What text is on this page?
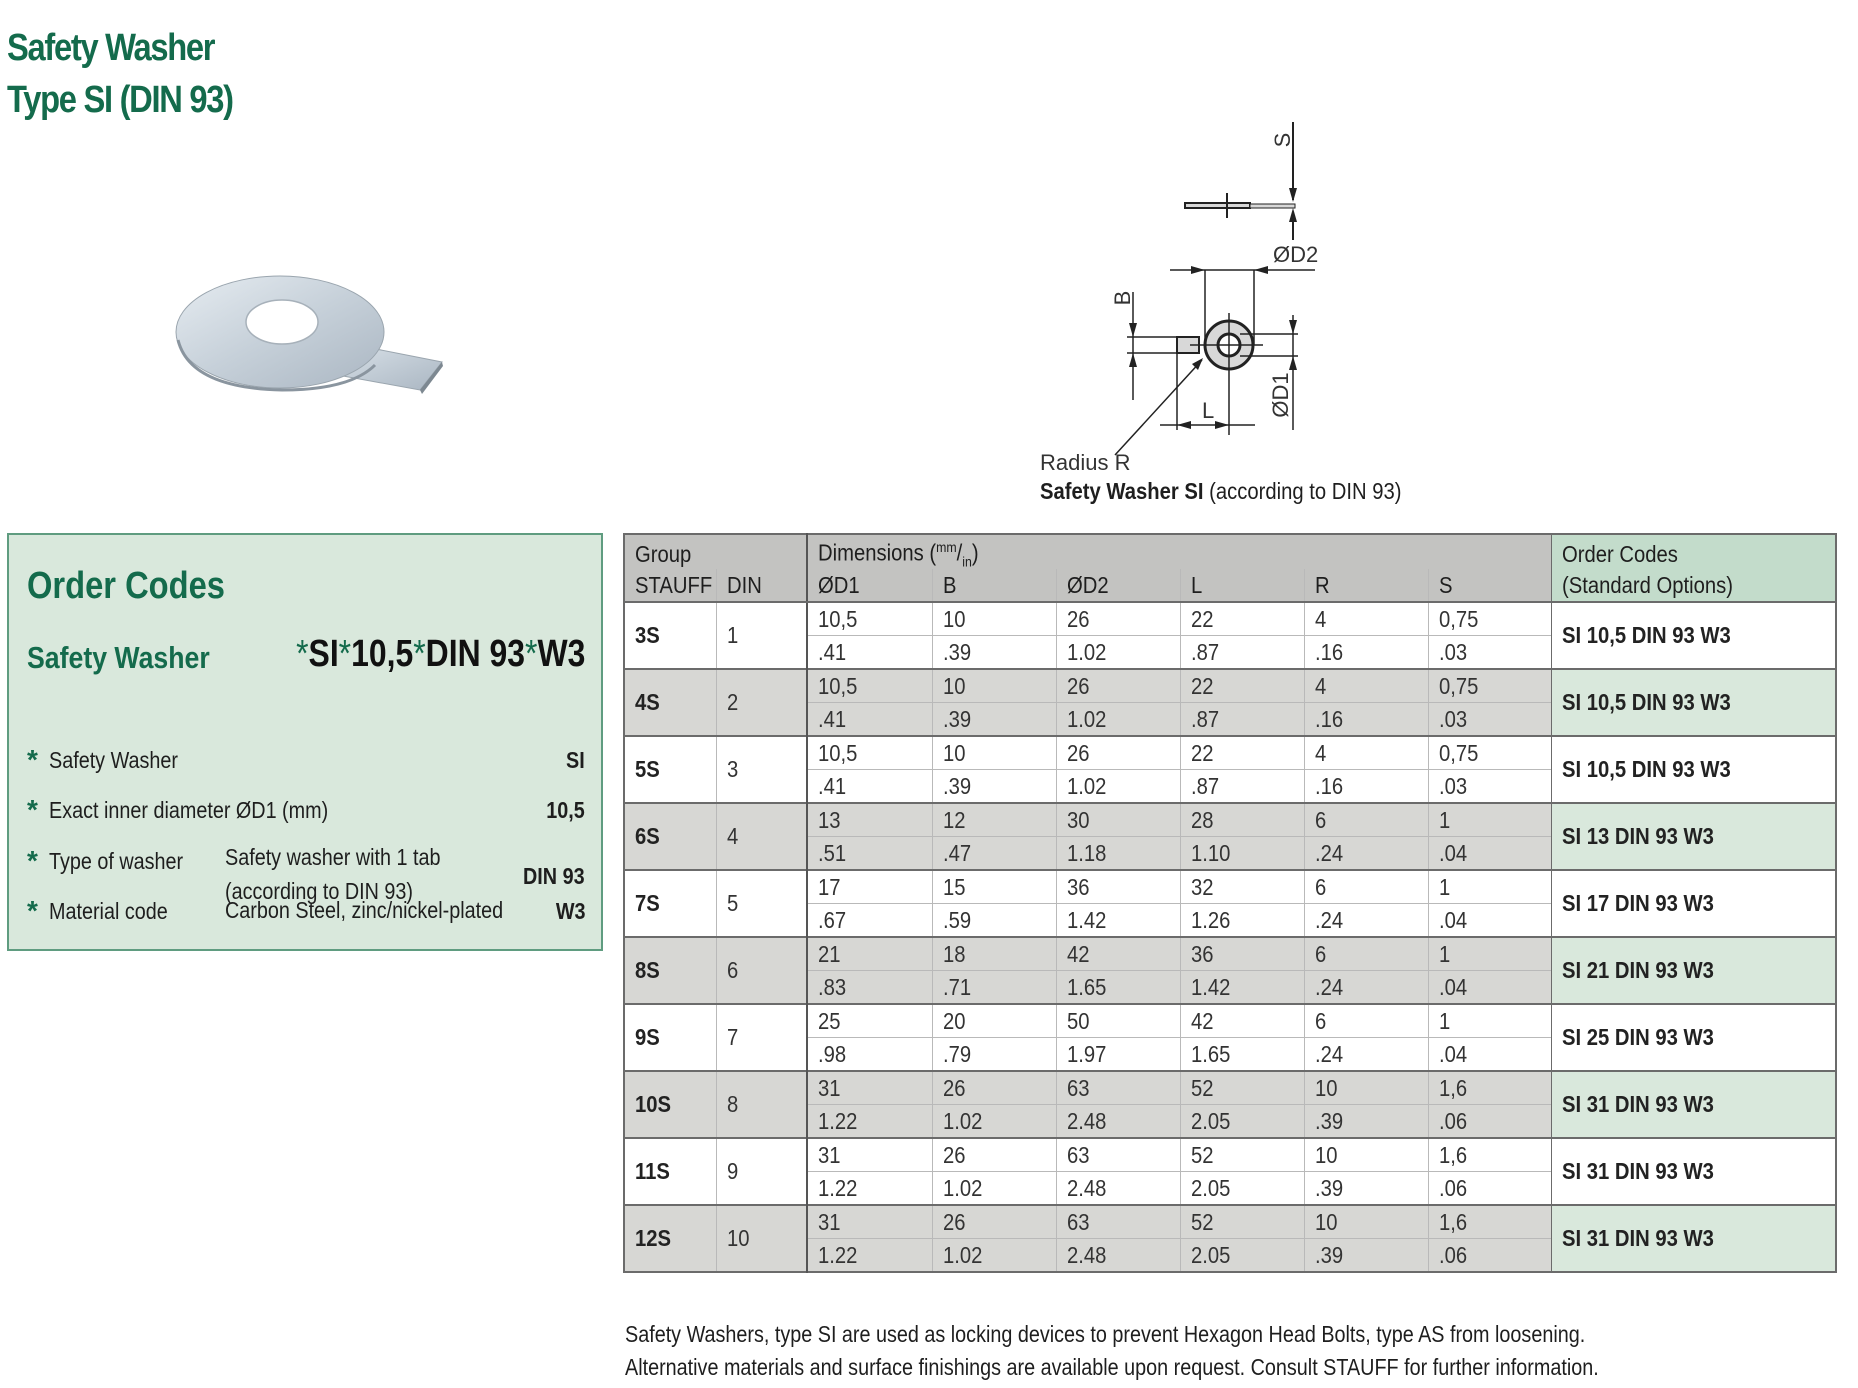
Safety Washer
Type SI (DIN 93)
S
B
ØD2
L ØD1
Radius R
Safety Washer SI (according to DIN 93)
Order Codes
Safety Washer *SI*10,5*DIN 93*W3
* Safety Washer	SI
* Exact inner diameter ØD1 (mm)	10,5
* Type of washer Safety washer with 1 tab
(according to DIN 93)
DIN 93
* Material code Carbon Steel, zinc/nickel-plated W3
Group		Dimensions $(^{mm}/_{in})$						Order Codes
STAUFF	DIN	ØD1	B	ØD2	L	R	S	(Standard Options)
3S	1	10,5	10	26	22	4	0,75	SI 10,5 DIN 93 W3
		.41	.39	1.02	.87	.16	.03	
4S	2	10,5	10	26	22	4	0,75	SI 10,5 DIN 93 W3
		.41	.39	1.02	.87	.16	.03	
5S	3	10,5	10	26	22	4	0,75	SI 10,5 DIN 93 W3
		.41	.39	1.02	.87	.16	.03	
6S	4	13	12	30	28	6	1	SI 13 DIN 93 W3
		.51	.47	1.18	1.10	.24	.04	
7S	5	17	15	36	32	6	1	SI 17 DIN 93 W3
		.67	.59	1.42	1.26	.24	.04	
8S	6	21	18	42	36	6	1	SI 21 DIN 93 W3
		.83	.71	1.65	1.42	.24	.04	
9S	7	25	20	50	42	6	1	SI 25 DIN 93 W3
		.98	.79	1.97	1.65	.24	.04	
10S	8	31	26	63	52	10	1,6	SI 31 DIN 93 W3
		1.22	1.02	2.48	2.05	.39	.06	
11S	9	31	26	63	52	10	1,6	SI 31 DIN 93 W3
		1.22	1.02	2.48	2.05	.39	.06	
12S	10	31	26	63	52	10	1,6	SI 31 DIN 93 W3
		1.22	1.02	2.48	2.05	.39	.06	
Safety Washers, type SI are used as locking devices to prevent Hexagon Head Bolts, type AS from loosening.
Alternative materials and surface finishings are available upon request. Consult STAUFF for further information.
